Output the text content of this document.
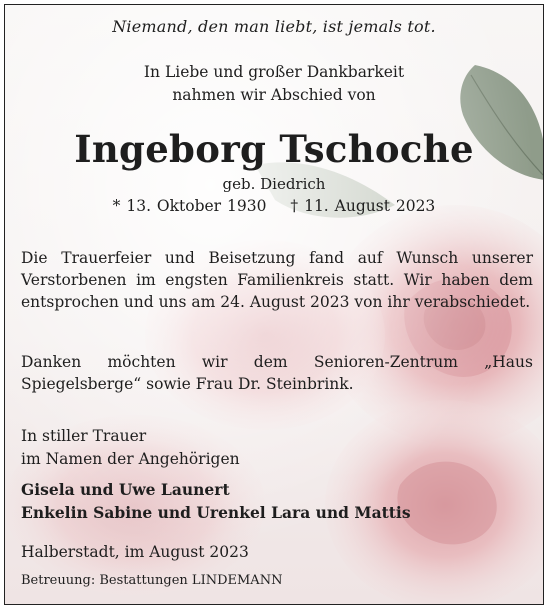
Niemand, den man liebt, ist jemals tot.
In Liebe und großer Dankbarkeit
nahmen wir Abschied von
Ingeborg Tschoche
geb. Diedrich
* 13. Oktober 1930 † 11. August 2023
Die Trauerfeier und Beisetzung fand auf Wunsch unserer Verstorbenen im engsten Familienkreis statt. Wir haben dem entsprochen und uns am 24. August 2023 von ihr verabschiedet.
Danken möchten wir dem Senioren-Zentrum „Haus Spiegelsberge“ sowie Frau Dr. Steinbrink.
In stiller Trauer
im Namen der Angehörigen
Gisela und Uwe Launert
Enkelin Sabine und Urenkel Lara und Mattis
Halberstadt, im August 2023
Betreuung: Bestattungen LINDEMANN
